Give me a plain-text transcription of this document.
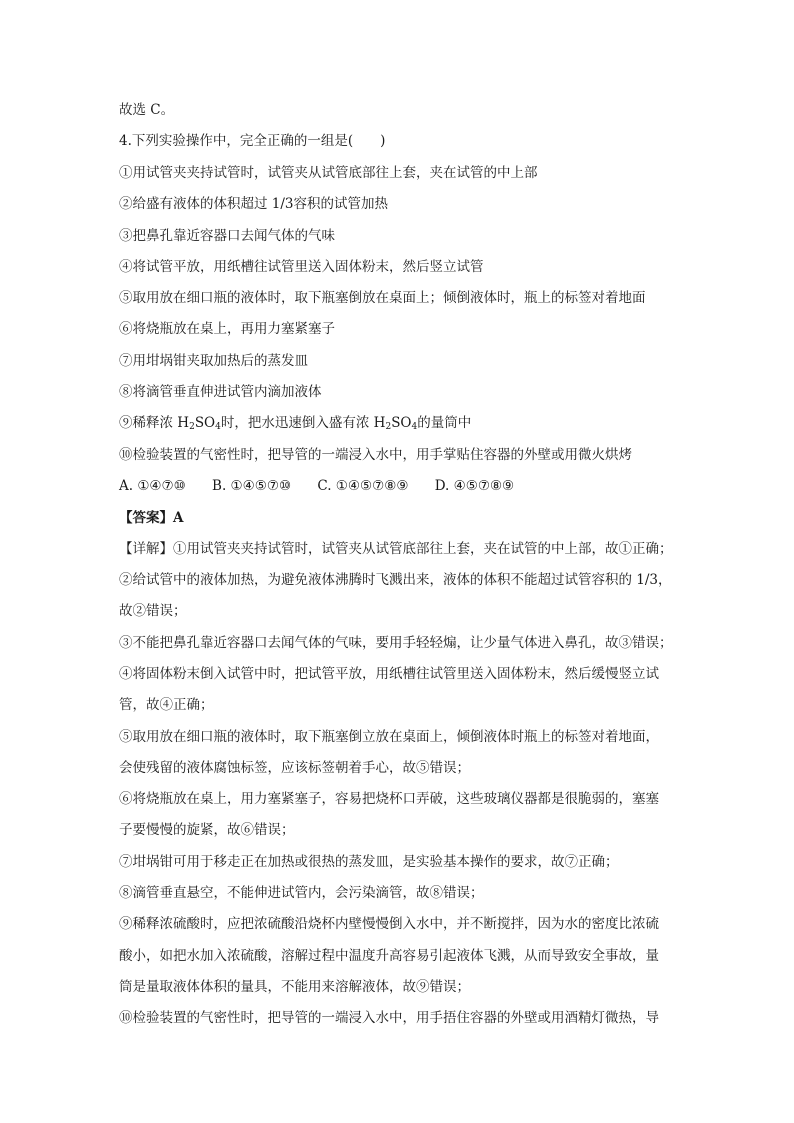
故选 C。
4.下列实验操作中，完全正确的一组是(　　)
①用试管夹夹持试管时，试管夹从试管底部往上套，夹在试管的中上部
②给盛有液体的体积超过 1/3容积的试管加热
③把鼻孔靠近容器口去闻气体的气味
④将试管平放，用纸槽往试管里送入固体粉末，然后竖立试管
⑤取用放在细口瓶的液体时，取下瓶塞倒放在桌面上；倾倒液体时，瓶上的标签对着地面
⑥将烧瓶放在桌上，再用力塞紧塞子
⑦用坩埚钳夹取加热后的蒸发皿
⑧将滴管垂直伸进试管内滴加液体
⑨稀释浓 $H_2SO_4$时，把水迅速倒入盛有浓 $H_2SO_4$的量筒中
⑩检验装置的气密性时，把导管的一端浸入水中，用手掌贴住容器的外壁或用微火烘烤
A. ①④⑦⑩ B. ①④⑤⑦⑩ C. ①④⑤⑦⑧⑨ D. ④⑤⑦⑧⑨
【答案】A
【详解】①用试管夹夹持试管时，试管夹从试管底部往上套，夹在试管的中上部，故①正确；
②给试管中的液体加热，为避免液体沸腾时飞溅出来，液体的体积不能超过试管容积的 1/3，
故②错误；
③不能把鼻孔靠近容器口去闻气体的气味，要用手轻轻煽，让少量气体进入鼻孔，故③错误；
④将固体粉末倒入试管中时，把试管平放，用纸槽往试管里送入固体粉末，然后缓慢竖立试
管，故④正确；
⑤取用放在细口瓶的液体时，取下瓶塞倒立放在桌面上，倾倒液体时瓶上的标签对着地面，
会使残留的液体腐蚀标签，应该标签朝着手心，故⑤错误；
⑥将烧瓶放在桌上，用力塞紧塞子，容易把烧杯口弄破，这些玻璃仪器都是很脆弱的，塞塞
子要慢慢的旋紧，故⑥错误；
⑦坩埚钳可用于移走正在加热或很热的蒸发皿，是实验基本操作的要求，故⑦正确；
⑧滴管垂直悬空，不能伸进试管内，会污染滴管，故⑧错误；
⑨稀释浓硫酸时，应把浓硫酸沿烧杯内壁慢慢倒入水中，并不断搅拌，因为水的密度比浓硫
酸小，如把水加入浓硫酸，溶解过程中温度升高容易引起液体飞溅，从而导致安全事故，量
筒是量取液体体积的量具，不能用来溶解液体，故⑨错误；
⑩检验装置的气密性时，把导管的一端浸入水中，用手捂住容器的外壁或用酒精灯微热，导
